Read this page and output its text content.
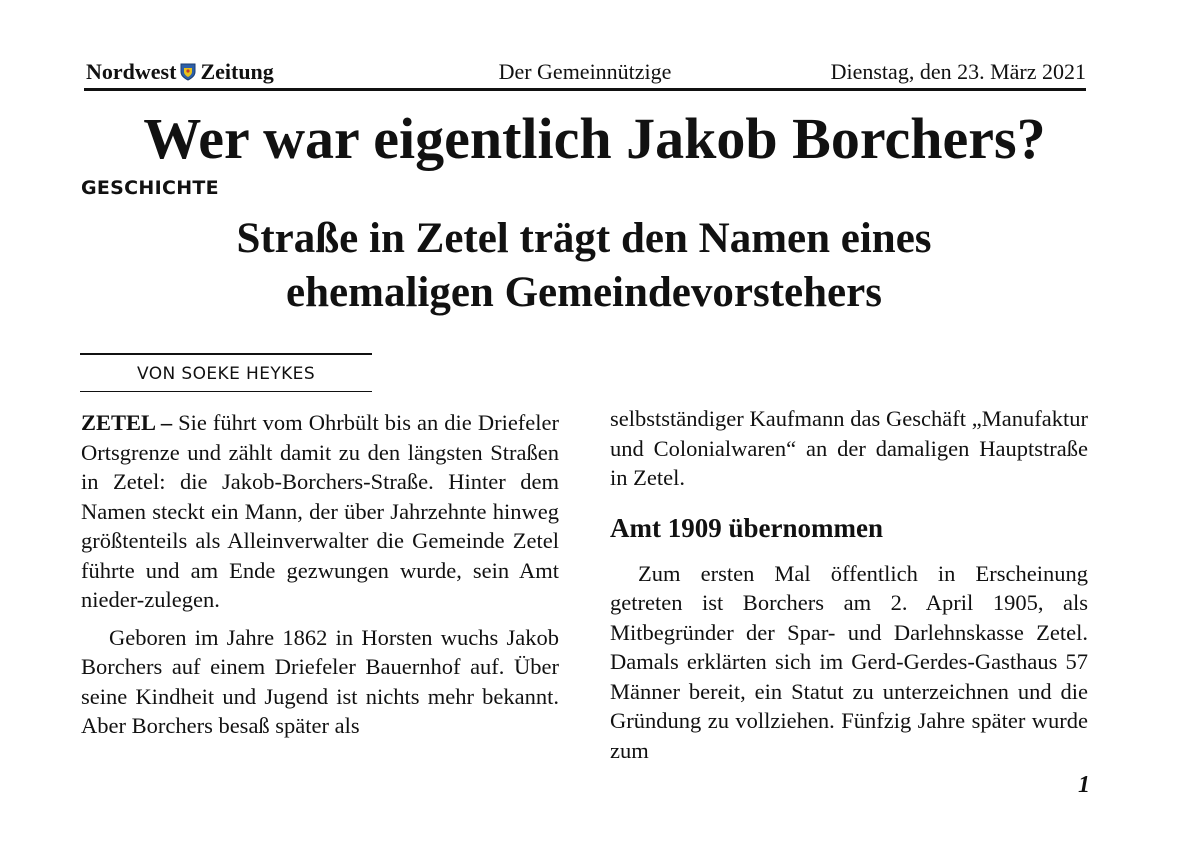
Nordwest Zeitung	Der Gemeinnützige	Dienstag, den 23. März 2021
Wer war eigentlich Jakob Borchers?
GESCHICHTE
Straße in Zetel trägt den Namen eines
ehemaligen Gemeindevorstehers
VON SOEKE HEYKES

ZETEL – Sie führt vom Ohrbült bis an die Driefeler Ortsgrenze und zählt damit zu den längsten Straßen in Zetel: die Jakob-Borchers-Straße. Hinter dem Namen steckt ein Mann, der über Jahrzehnte hinweg größtenteils als Alleinverwalter die Gemeinde Zetel führte und am Ende gezwungen wurde, sein Amt nieder-zulegen.

Geboren im Jahre 1862 in Horsten wuchs Jakob Borchers auf einem Driefeler Bauernhof auf. Über seine Kindheit und Jugend ist nichts mehr bekannt. Aber Borchers besaß später als

selbstständiger Kaufmann das Geschäft „Manufaktur und Colonialwaren“ an der damaligen Hauptstraße in Zetel.

Amt 1909 übernommen

Zum ersten Mal öffentlich in Erscheinung getreten ist Borchers am 2. April 1905, als Mitbegründer der Spar- und Darlehnskasse Zetel. Damals erklärten sich im Gerd-Gerdes-Gasthaus 57 Männer bereit, ein Statut zu unterzeichnen und die Gründung zu vollziehen. Fünfzig Jahre später wurde zum

1
